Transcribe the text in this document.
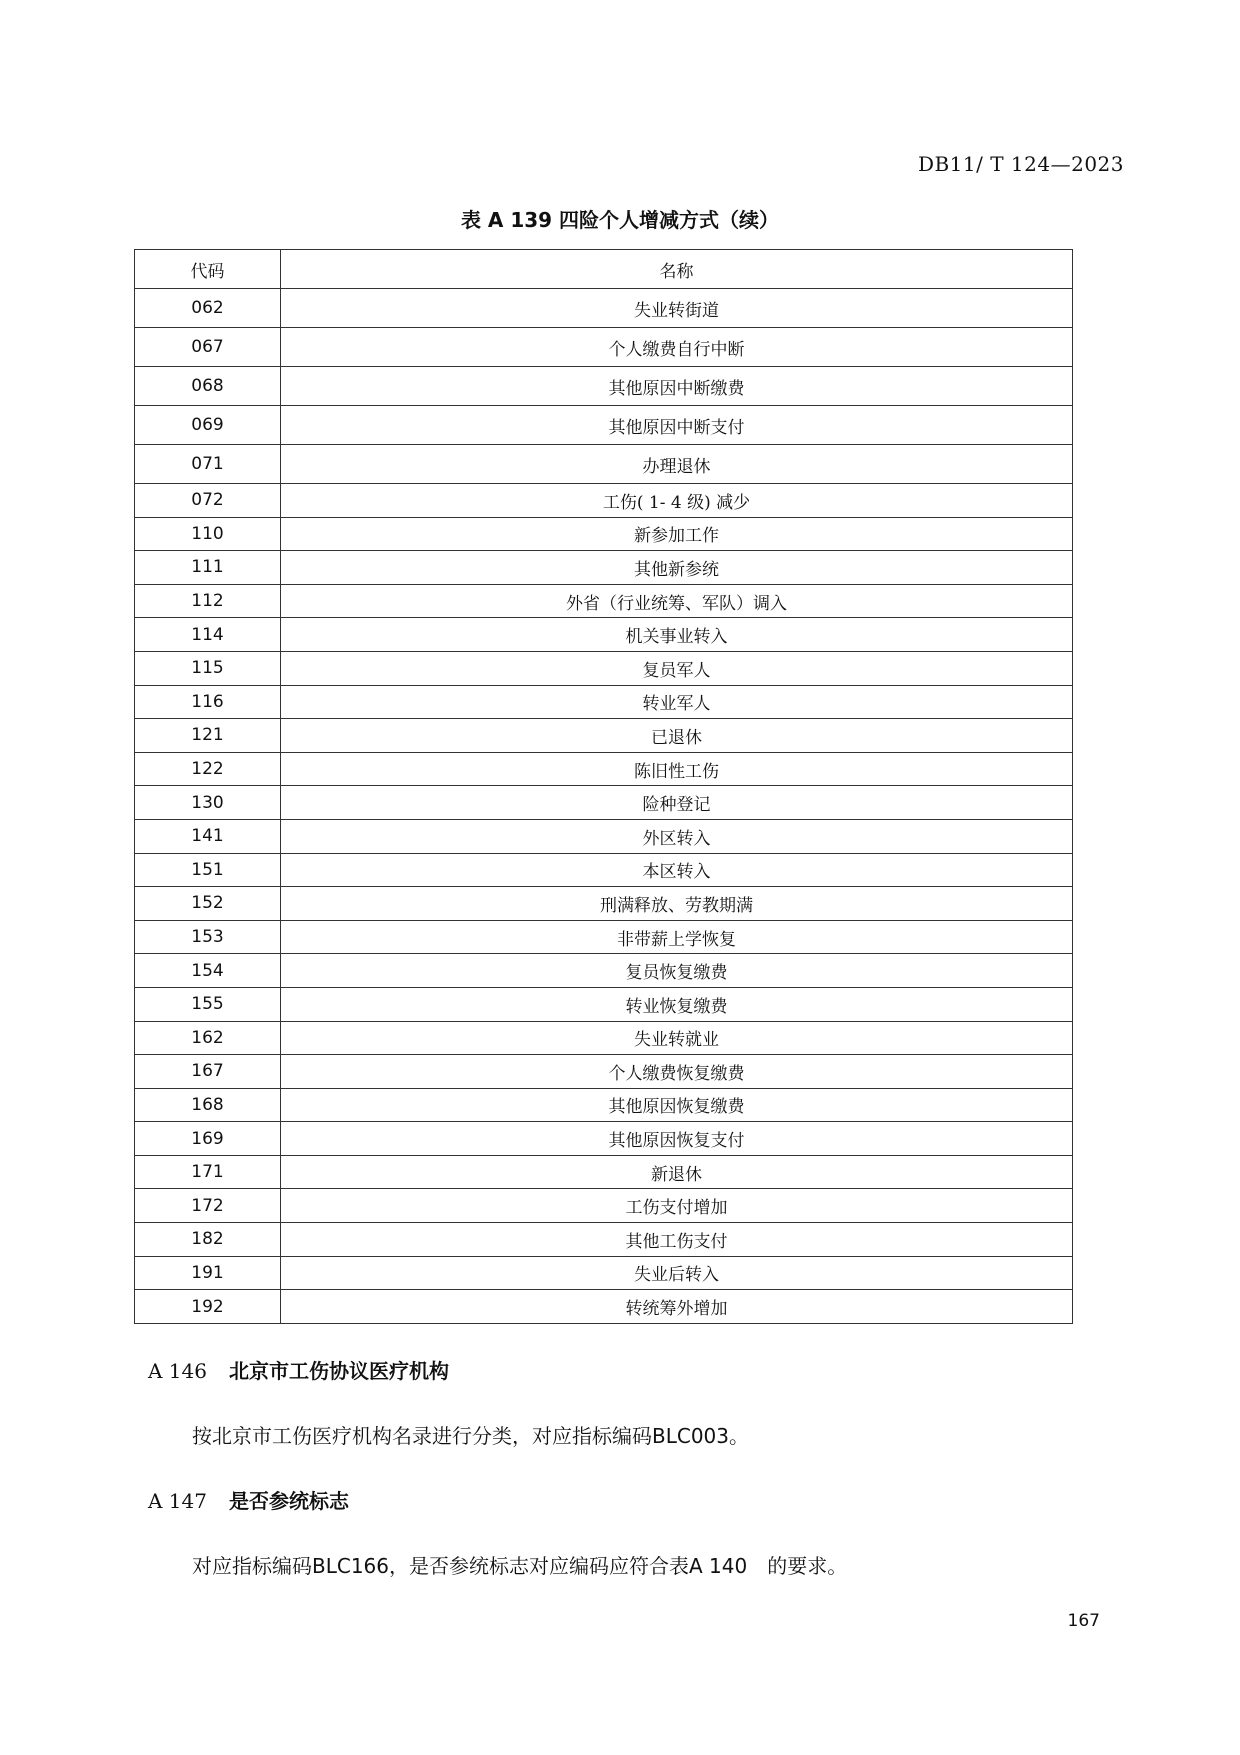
DB11/ T 124—2023
表 A 139 四险个人增减方式（续）
代码	名称
062	失业转街道
067	个人缴费自行中断
068	其他原因中断缴费
069	其他原因中断支付
071	办理退休
072	工伤( 1- 4 级) 减少
110	新参加工作
111	其他新参统
112	外省（行业统筹、军队）调入
114	机关事业转入
115	复员军人
116	转业军人
121	已退休
122	陈旧性工伤
130	险种登记
141	外区转入
151	本区转入
152	刑满释放、劳教期满
153	非带薪上学恢复
154	复员恢复缴费
155	转业恢复缴费
162	失业转就业
167	个人缴费恢复缴费
168	其他原因恢复缴费
169	其他原因恢复支付
171	新退休
172	工伤支付增加
182	其他工伤支付
191	失业后转入
192	转统筹外增加
A 146 北京市工伤协议医疗机构
按北京市工伤医疗机构名录进行分类，对应指标编码BLC003。
A 147 是否参统标志
对应指标编码BLC166，是否参统标志对应编码应符合表A 140　的要求。
167
